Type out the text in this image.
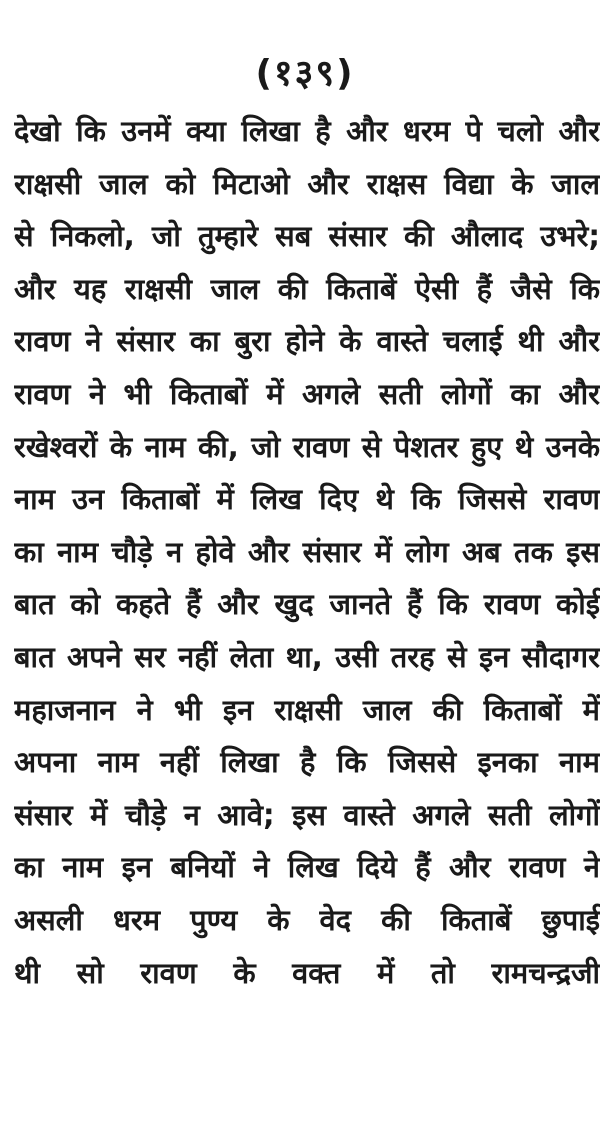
(१३९)
देखो कि उनमें क्या लिखा है और धरम पे चलो और
राक्षसी जाल को मिटाओ और राक्षस विद्या के जाल
से निकलो, जो तुम्हारे सब संसार की औलाद उभरे;
और यह राक्षसी जाल की किताबें ऐसी हैं जैसे कि
रावण ने संसार का बुरा होने के वास्ते चलाई थी और
रावण ने भी किताबों में अगले सती लोगों का और
रखेश्वरों के नाम की, जो रावण से पेशतर हुए थे उनके
नाम उन किताबों में लिख दिए थे कि जिससे रावण
का नाम चौड़े न होवे और संसार में लोग अब तक इस
बात को कहते हैं और खुद जानते हैं कि रावण कोई
बात अपने सर नहीं लेता था, उसी तरह से इन सौदागर
महाजनान ने भी इन राक्षसी जाल की किताबों में
अपना नाम नहीं लिखा है कि जिससे इनका नाम
संसार में चौड़े न आवे; इस वास्ते अगले सती लोगों
का नाम इन बनियों ने लिख दिये हैं और रावण ने
असली धरम पुण्य के वेद की किताबें छुपाई
थी सो रावण के वक्त में तो रामचन्द्रजी
